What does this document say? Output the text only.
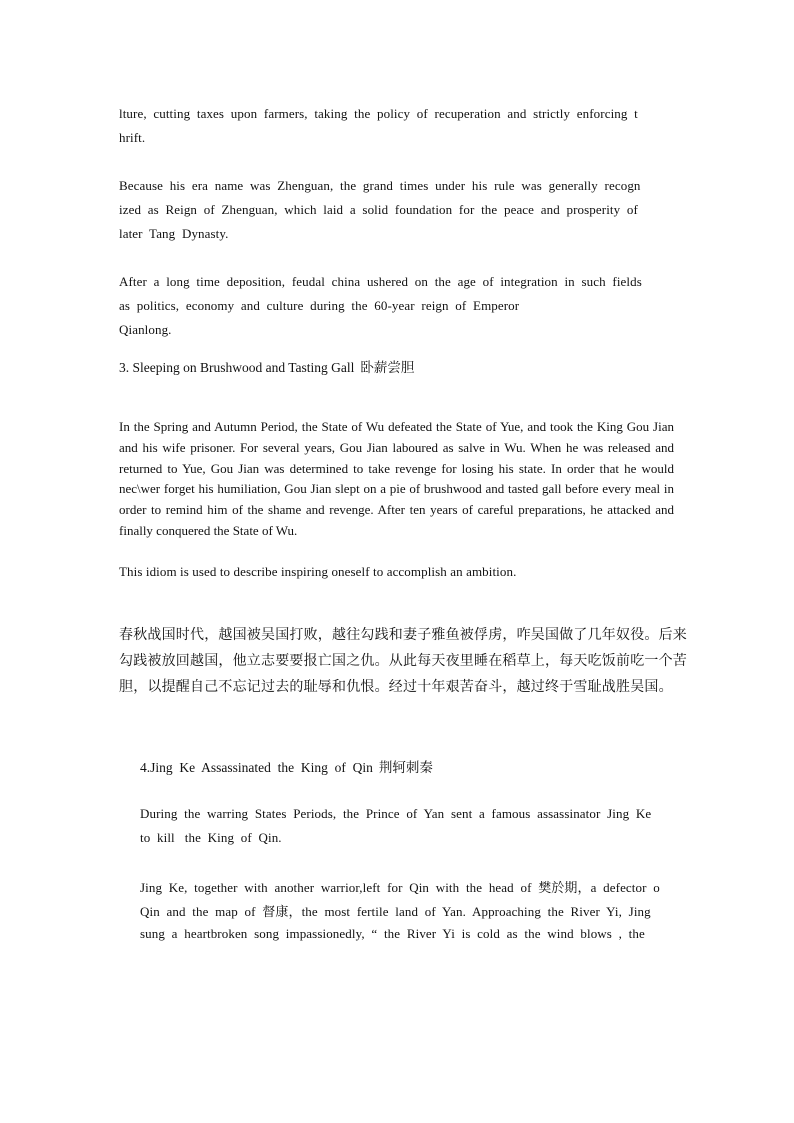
lture,  cutting  taxes  upon  farmers,  taking  the  policy  of  recuperation  and  strictly  enforcing  t
hrift.
Because  his  era  name  was  Zhenguan,  the  grand  times  under  his  rule  was  generally  recogn
ized  as  Reign  of  Zhenguan,  which  laid  a  solid  foundation  for  the  peace  and  prosperity  of
later  Tang  Dynasty.
After  a  long  time  deposition,  feudal  china  ushered  on  the  age  of  integration  in  such  fields
as  politics,  economy  and  culture  during  the  60-year  reign  of  Emperor
Qianlong.
3. Sleeping on Brushwood and Tasting Gall 卧薪尝胆

In the Spring and Autumn Period, the State of Wu defeated the State of Yue, and took the King Gou Jian and his wife prisoner. For several years, Gou Jian laboured as salve in Wu. When he was released and returned to Yue, Gou Jian was determined to take revenge for losing his state. In order that he would nec\wer forget his humiliation, Gou Jian slept on a pie of brushwood and tasted gall before every meal in order to remind him of the shame and revenge. After ten years of careful preparations, he attacked and finally conquered the State of Wu.

This idiom is used to describe inspiring oneself to accomplish an ambition.

春秋战国时代，越国被吴国打败，越往勾践和妻子雅鱼被俘虏，咋吴国做了几年奴役。后来

勾践被放回越国，他立志要要报亡国之仇。从此每天夜里睡在稻草上，每天吃饭前吃一个苦

胆，以提醒自己不忘记过去的耻辱和仇恨。经过十年艰苦奋斗，越过终于雪耻战胜吴国。

4.Jing  Ke  Assassinated  the  King  of  Qin 荆轲刺秦
During  the  warring  States  Periods,  the  Prince  of  Yan  sent  a  famous  assassinator  Jing  Ke
to  kill   the  King  of  Qin.
Jing  Ke,  together  with  another  warrior,left  for  Qin  with  the  head  of  樊於期，a  defector  o
Qin  and  the  map  of  督康，the  most  fertile  land  of  Yan.  Approaching  the  River  Yi,  Jing
sung  a  heartbroken  song  impassionedly,  “  the  River  Yi  is  cold  as  the  wind  blows  ,  the
